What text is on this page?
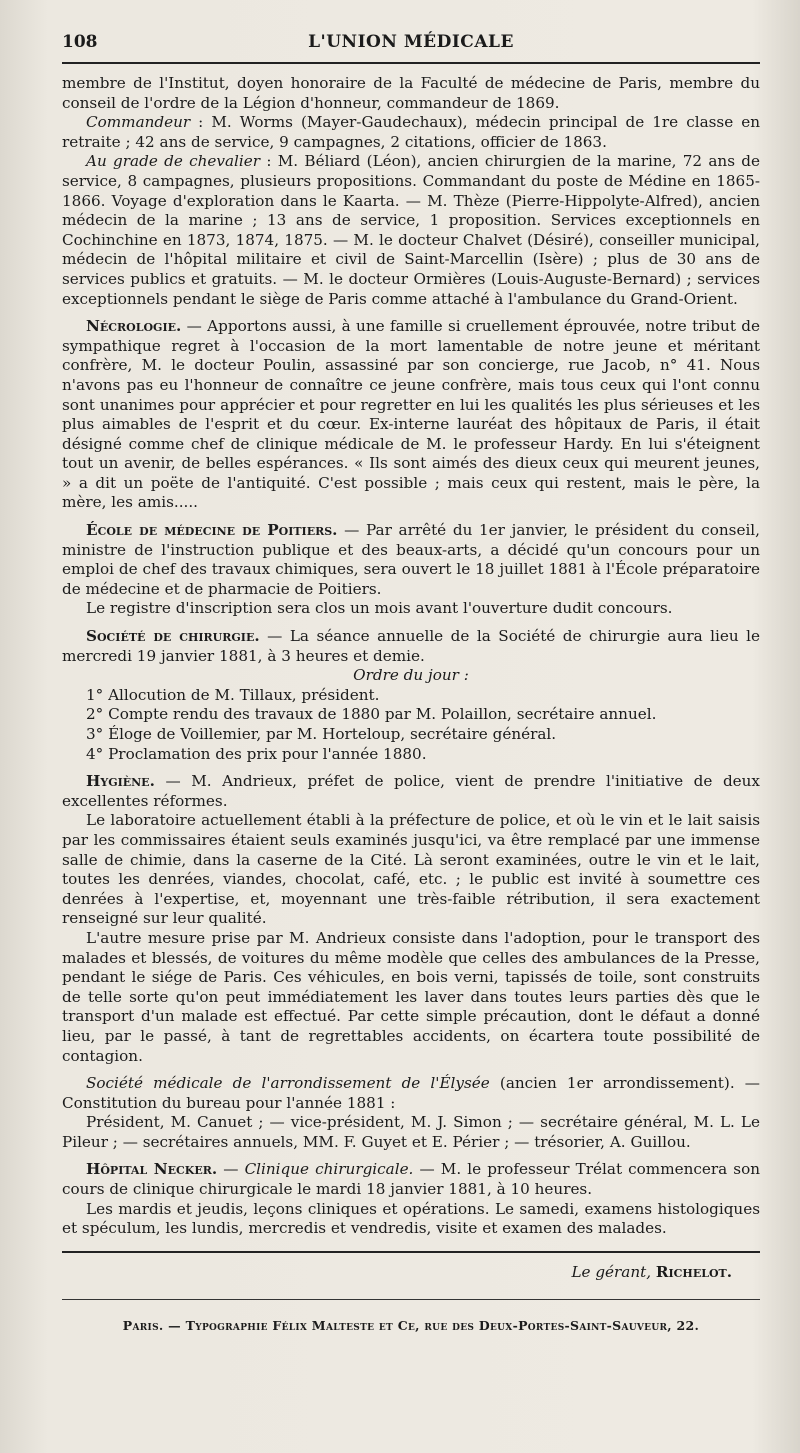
108	L'UNION MÉDICALE

membre de l'Institut, doyen honoraire de la Faculté de médecine de Paris, membre du conseil de l'ordre de la Légion d'honneur, commandeur de 1869.

Commandeur : M. Worms (Mayer-Gaudechaux), médecin principal de 1re classe en retraite ; 42 ans de service, 9 campagnes, 2 citations, officier de 1863.

Au grade de chevalier : M. Béliard (Léon), ancien chirurgien de la marine, 72 ans de service, 8 campagnes, plusieurs propositions. Commandant du poste de Médine en 1865-1866. Voyage d'exploration dans le Kaarta. — M. Thèze (Pierre-Hippolyte-Alfred), ancien médecin de la marine ; 13 ans de service, 1 proposition. Services exceptionnels en Cochinchine en 1873, 1874, 1875. — M. le docteur Chalvet (Désiré), conseiller municipal, médecin de l'hôpital militaire et civil de Saint-Marcellin (Isère) ; plus de 30 ans de services publics et gratuits. — M. le docteur Ormières (Louis-Auguste-Bernard) ; services exceptionnels pendant le siège de Paris comme attaché à l'ambulance du Grand-Orient.

Nécrologie. — Apportons aussi, à une famille si cruellement éprouvée, notre tribut de sympathique regret à l'occasion de la mort lamentable de notre jeune et méritant confrère, M. le docteur Poulin, assassiné par son concierge, rue Jacob, n° 41. Nous n'avons pas eu l'honneur de connaître ce jeune confrère, mais tous ceux qui l'ont connu sont unanimes pour apprécier et pour regretter en lui les qualités les plus sérieuses et les plus aimables de l'esprit et du cœur. Ex-interne lauréat des hôpitaux de Paris, il était désigné comme chef de clinique médicale de M. le professeur Hardy. En lui s'éteignent tout un avenir, de belles espérances. « Ils sont aimés des dieux ceux qui meurent jeunes, » a dit un poëte de l'antiquité. C'est possible ; mais ceux qui restent, mais le père, la mère, les amis.....

École de médecine de Poitiers. — Par arrêté du 1er janvier, le président du conseil, ministre de l'instruction publique et des beaux-arts, a décidé qu'un concours pour un emploi de chef des travaux chimiques, sera ouvert le 18 juillet 1881 à l'École préparatoire de médecine et de pharmacie de Poitiers.

Le registre d'inscription sera clos un mois avant l'ouverture dudit concours.

Société de chirurgie. — La séance annuelle de la Société de chirurgie aura lieu le mercredi 19 janvier 1881, à 3 heures et demie.

Ordre du jour :

1° Allocution de M. Tillaux, président.

2° Compte rendu des travaux de 1880 par M. Polaillon, secrétaire annuel.

3° Éloge de Voillemier, par M. Horteloup, secrétaire général.

4° Proclamation des prix pour l'année 1880.

Hygiène. — M. Andrieux, préfet de police, vient de prendre l'initiative de deux excellentes réformes.

Le laboratoire actuellement établi à la préfecture de police, et où le vin et le lait saisis par les commissaires étaient seuls examinés jusqu'ici, va être remplacé par une immense salle de chimie, dans la caserne de la Cité. Là seront examinées, outre le vin et le lait, toutes les denrées, viandes, chocolat, café, etc. ; le public est invité à soumettre ces denrées à l'expertise, et, moyennant une très-faible rétribution, il sera exactement renseigné sur leur qualité.

L'autre mesure prise par M. Andrieux consiste dans l'adoption, pour le transport des malades et blessés, de voitures du même modèle que celles des ambulances de la Presse, pendant le siége de Paris. Ces véhicules, en bois verni, tapissés de toile, sont construits de telle sorte qu'on peut immédiatement les laver dans toutes leurs parties dès que le transport d'un malade est effectué. Par cette simple précaution, dont le défaut a donné lieu, par le passé, à tant de regrettables accidents, on écartera toute possibilité de contagion.

Société médicale de l'arrondissement de l'Élysée (ancien 1er arrondissement). — Constitution du bureau pour l'année 1881 :

Président, M. Canuet ; — vice-président, M. J. Simon ; — secrétaire général, M. L. Le Pileur ; — secrétaires annuels, MM. F. Guyet et E. Périer ; — trésorier, A. Guillou.

Hôpital Necker. — Clinique chirurgicale. — M. le professeur Trélat commencera son cours de clinique chirurgicale le mardi 18 janvier 1881, à 10 heures.

Les mardis et jeudis, leçons cliniques et opérations. Le samedi, examens histologiques et spéculum, les lundis, mercredis et vendredis, visite et examen des malades.

Le gérant, Richelot.
Paris. — Typographie Félix Malteste et Ce, rue des Deux-Portes-Saint-Sauveur, 22.
